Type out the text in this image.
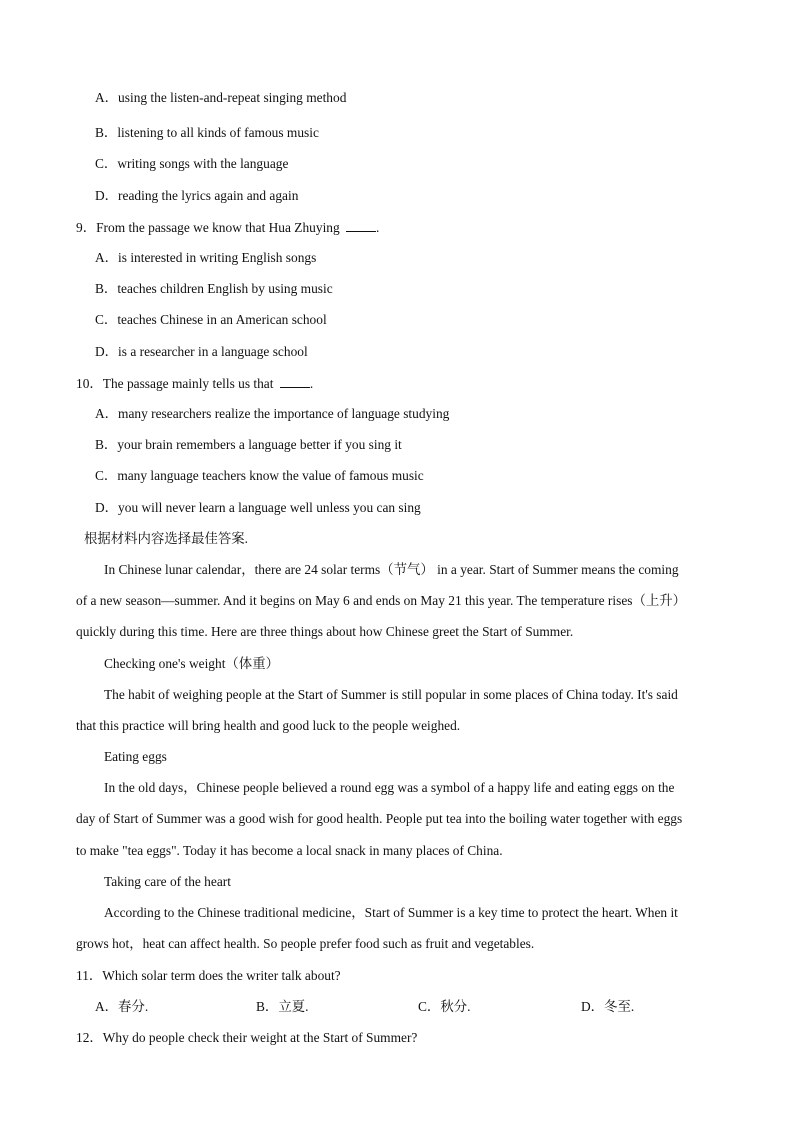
A．using the listen-and-repeat singing method
B．listening to all kinds of famous music
C．writing songs with the language
D．reading the lyrics again and again
9．From the passage we know that Hua Zhuying .
A．is interested in writing English songs
B．teaches children English by using music
C．teaches Chinese in an American school
D．is a researcher in a language school
10．The passage mainly tells us that .
A．many researchers realize the importance of language studying
B．your brain remembers a language better if you sing it
C．many language teachers know the value of famous music
D．you will never learn a language well unless you can sing
根据材料内容选择最佳答案.
In Chinese lunar calendar，there are 24 solar terms（节气） in a year. Start of Summer means the coming
of a new season—summer. And it begins on May 6 and ends on May 21 this year. The temperature rises（上升）
quickly during this time. Here are three things about how Chinese greet the Start of Summer.
Checking one's weight（体重）
The habit of weighing people at the Start of Summer is still popular in some places of China today. It's said
that this practice will bring health and good luck to the people weighed.
Eating eggs
In the old days，Chinese people believed a round egg was a symbol of a happy life and eating eggs on the
day of Start of Summer was a good wish for good health. People put tea into the boiling water together with eggs
to make "tea eggs". Today it has become a local snack in many places of China.
Taking care of the heart
According to the Chinese traditional medicine，Start of Summer is a key time to protect the heart. When it
grows hot，heat can affect health. So people prefer food such as fruit and vegetables.
11．Which solar term does the writer talk about?
A．春分.	B．立夏.	C．秋分.	D．冬至.
12．Why do people check their weight at the Start of Summer?
